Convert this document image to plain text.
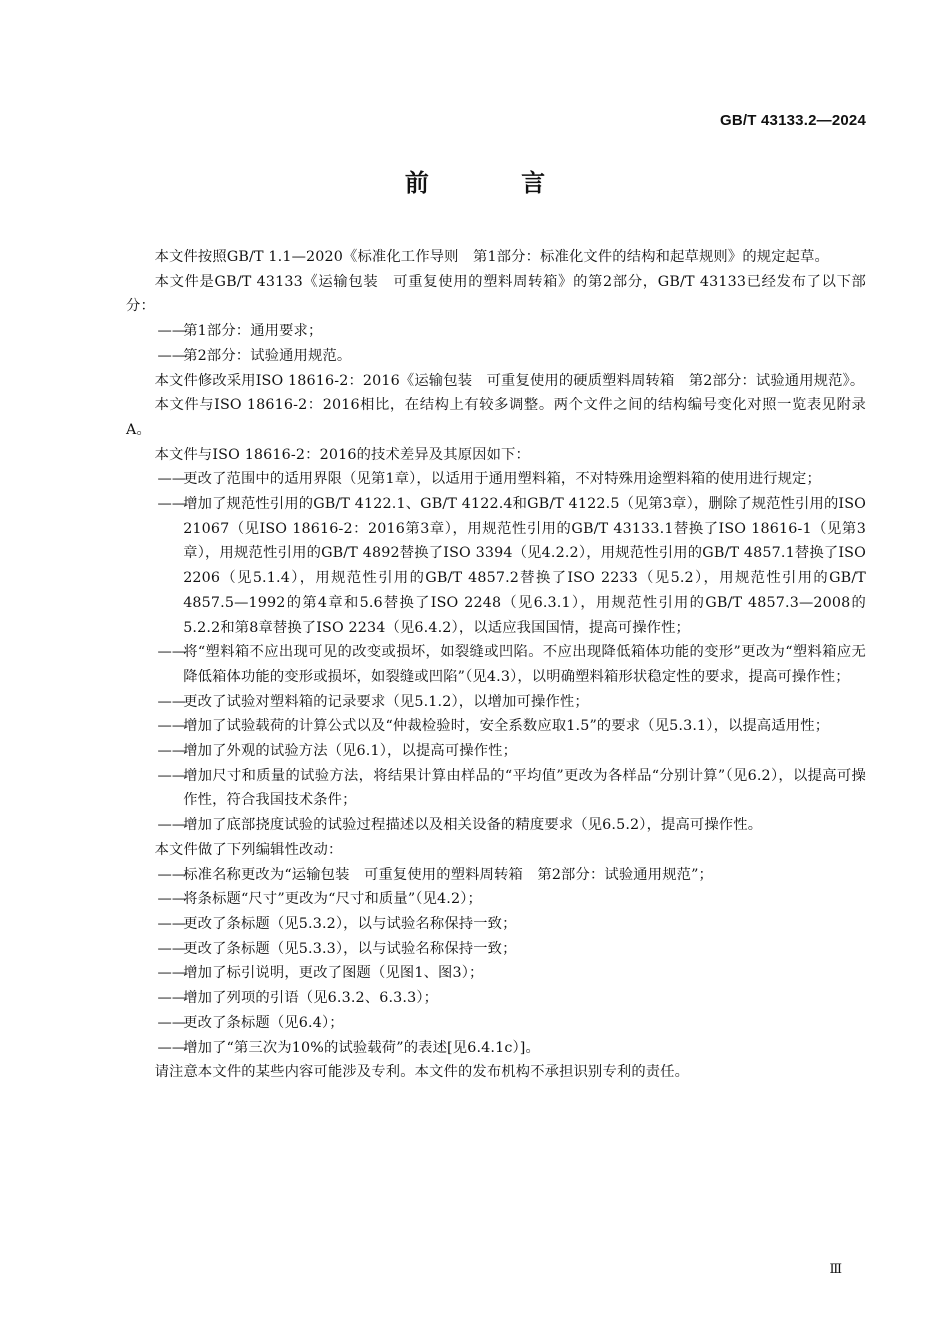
GB/T 43133.2—2024
前 言
本文件按照GB/T 1.1—2020《标准化工作导则　第1部分：标准化文件的结构和起草规则》的规定起草。
本文件是GB/T 43133《运输包装　可重复使用的塑料周转箱》的第2部分，GB/T 43133已经发布了以下部分：
——
第1部分：通用要求；
——
第2部分：试验通用规范。
本文件修改采用ISO 18616-2：2016《运输包装　可重复使用的硬质塑料周转箱　第2部分：试验通用规范》。
本文件与ISO 18616-2：2016相比，在结构上有较多调整。两个文件之间的结构编号变化对照一览表见附录A。
本文件与ISO 18616-2：2016的技术差异及其原因如下：
——
更改了范围中的适用界限（见第1章），以适用于通用塑料箱，不对特殊用途塑料箱的使用进行规定；
——
增加了规范性引用的GB/T 4122.1、GB/T 4122.4和GB/T 4122.5（见第3章），删除了规范性引用的ISO 21067（见ISO 18616-2：2016第3章），用规范性引用的GB/T 43133.1替换了ISO 18616-1（见第3章），用规范性引用的GB/T 4892替换了ISO 3394（见4.2.2），用规范性引用的GB/T 4857.1替换了ISO 2206（见5.1.4），用规范性引用的GB/T 4857.2替换了ISO 2233（见5.2），用规范性引用的GB/T 4857.5—1992的第4章和5.6替换了ISO 2248（见6.3.1），用规范性引用的GB/T 4857.3—2008的5.2.2和第8章替换了ISO 2234（见6.4.2），以适应我国国情，提高可操作性；
——
将“塑料箱不应出现可见的改变或损坏，如裂缝或凹陷。不应出现降低箱体功能的变形”更改为“塑料箱应无降低箱体功能的变形或损坏，如裂缝或凹陷”（见4.3），以明确塑料箱形状稳定性的要求，提高可操作性；
——
更改了试验对塑料箱的记录要求（见5.1.2），以增加可操作性；
——
增加了试验载荷的计算公式以及“仲裁检验时，安全系数应取1.5”的要求（见5.3.1），以提高适用性；
——
增加了外观的试验方法（见6.1），以提高可操作性；
——
增加尺寸和质量的试验方法，将结果计算由样品的“平均值”更改为各样品“分别计算”（见6.2），以提高可操作性，符合我国技术条件；
——
增加了底部挠度试验的试验过程描述以及相关设备的精度要求（见6.5.2），提高可操作性。
本文件做了下列编辑性改动：
——
标准名称更改为“运输包装　可重复使用的塑料周转箱　第2部分：试验通用规范”；
——
将条标题“尺寸”更改为“尺寸和质量”（见4.2）；
——
更改了条标题（见5.3.2），以与试验名称保持一致；
——
更改了条标题（见5.3.3），以与试验名称保持一致；
——
增加了标引说明，更改了图题（见图1、图3）；
——
增加了列项的引语（见6.3.2、6.3.3）；
——
更改了条标题（见6.4）；
——
增加了“第三次为10%的试验载荷”的表述[见6.4.1c）]。
请注意本文件的某些内容可能涉及专利。本文件的发布机构不承担识别专利的责任。
Ⅲ
